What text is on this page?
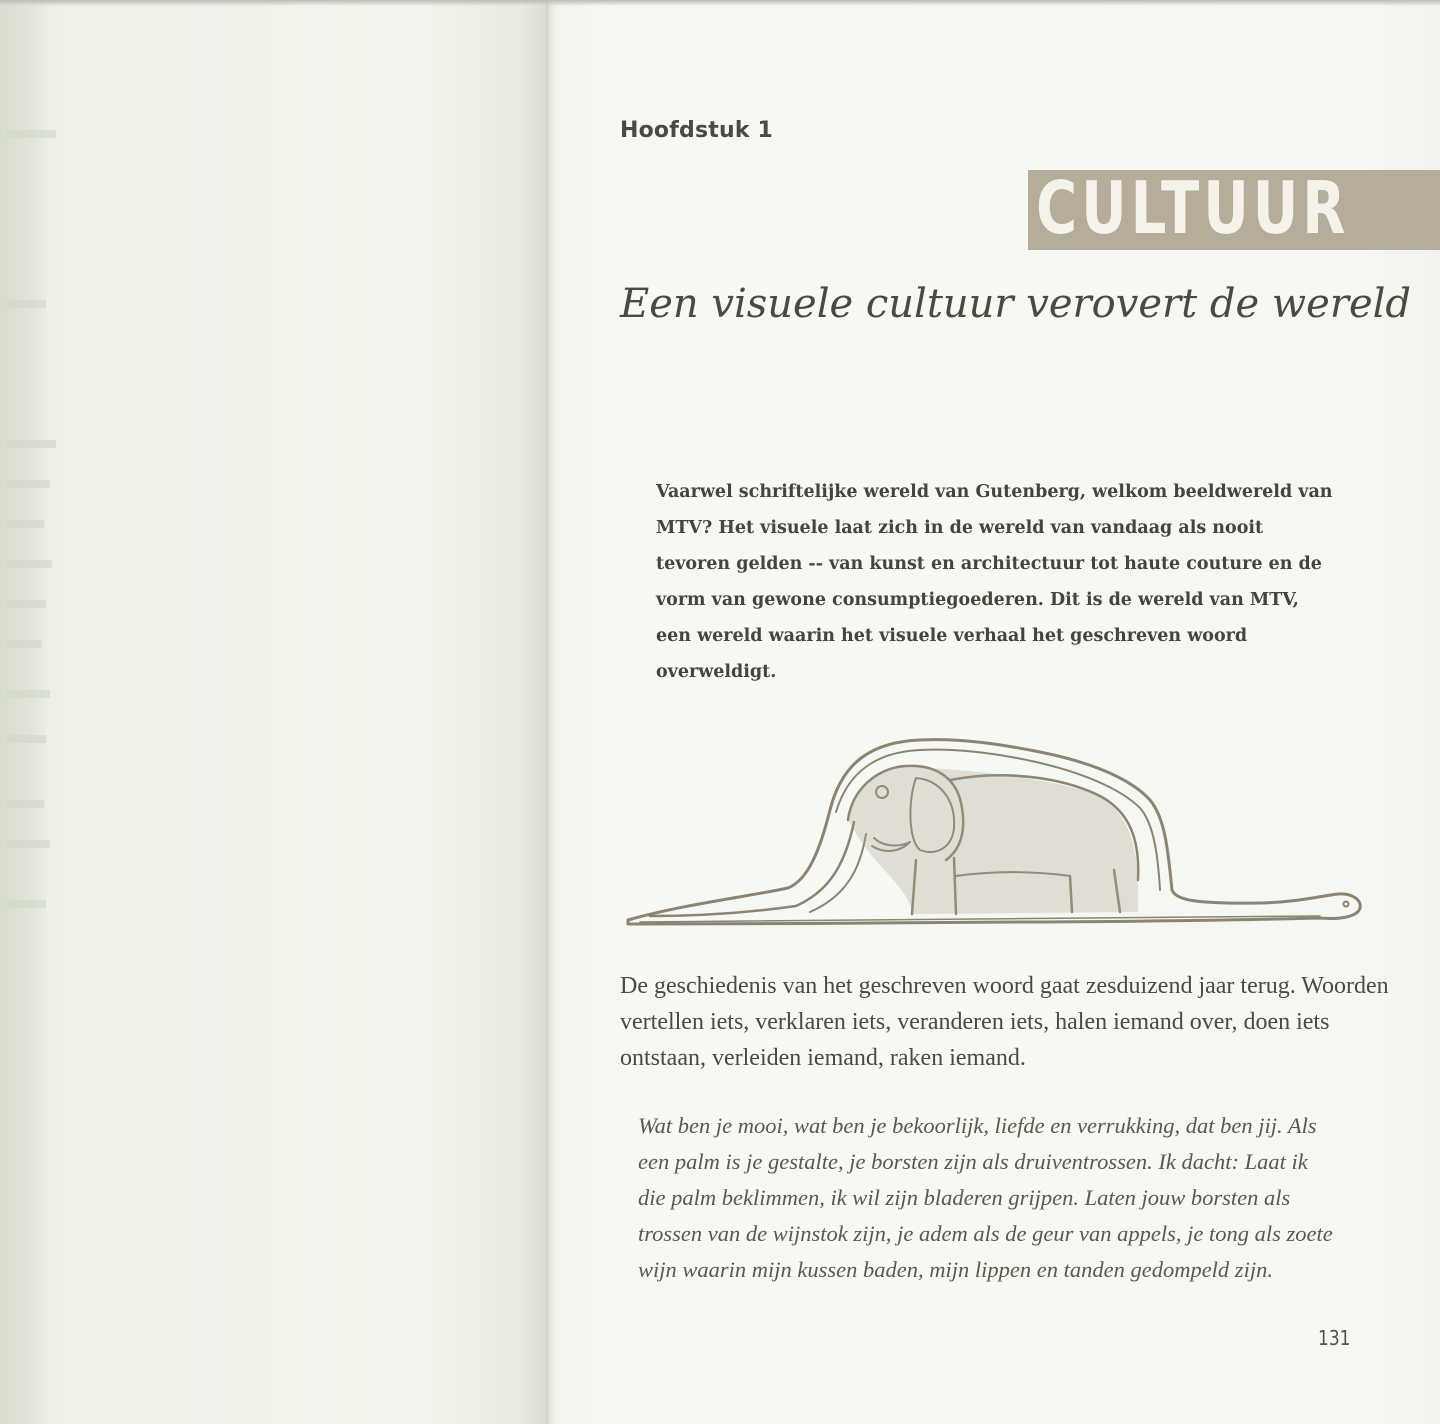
Hoofdstuk 1
CULTUUR
Een visuele cultuur verovert de wereld

Vaarwel schriftelijke wereld van Gutenberg, welkom beeldwereld van MTV? Het visuele laat zich in de wereld van vandaag als nooit tevoren gelden -- van kunst en architectuur tot haute couture en de vorm van gewone consumptiegoederen. Dit is de wereld van MTV, een wereld waarin het visuele verhaal het geschreven woord overweldigt.

De geschiedenis van het geschreven woord gaat zesduizend jaar terug. Woorden vertellen iets, verklaren iets, veranderen iets, halen iemand over, doen iets ontstaan, verleiden iemand, raken iemand.

Wat ben je mooi, wat ben je bekoorlijk, liefde en verrukking, dat ben jij. Als een palm is je gestalte, je borsten zijn als druiventrossen. Ik dacht: Laat ik die palm beklimmen, ik wil zijn bladeren grijpen. Laten jouw borsten als trossen van de wijnstok zijn, je adem als de geur van appels, je tong als zoete wijn waarin mijn kussen baden, mijn lippen en tanden gedompeld zijn.

131
